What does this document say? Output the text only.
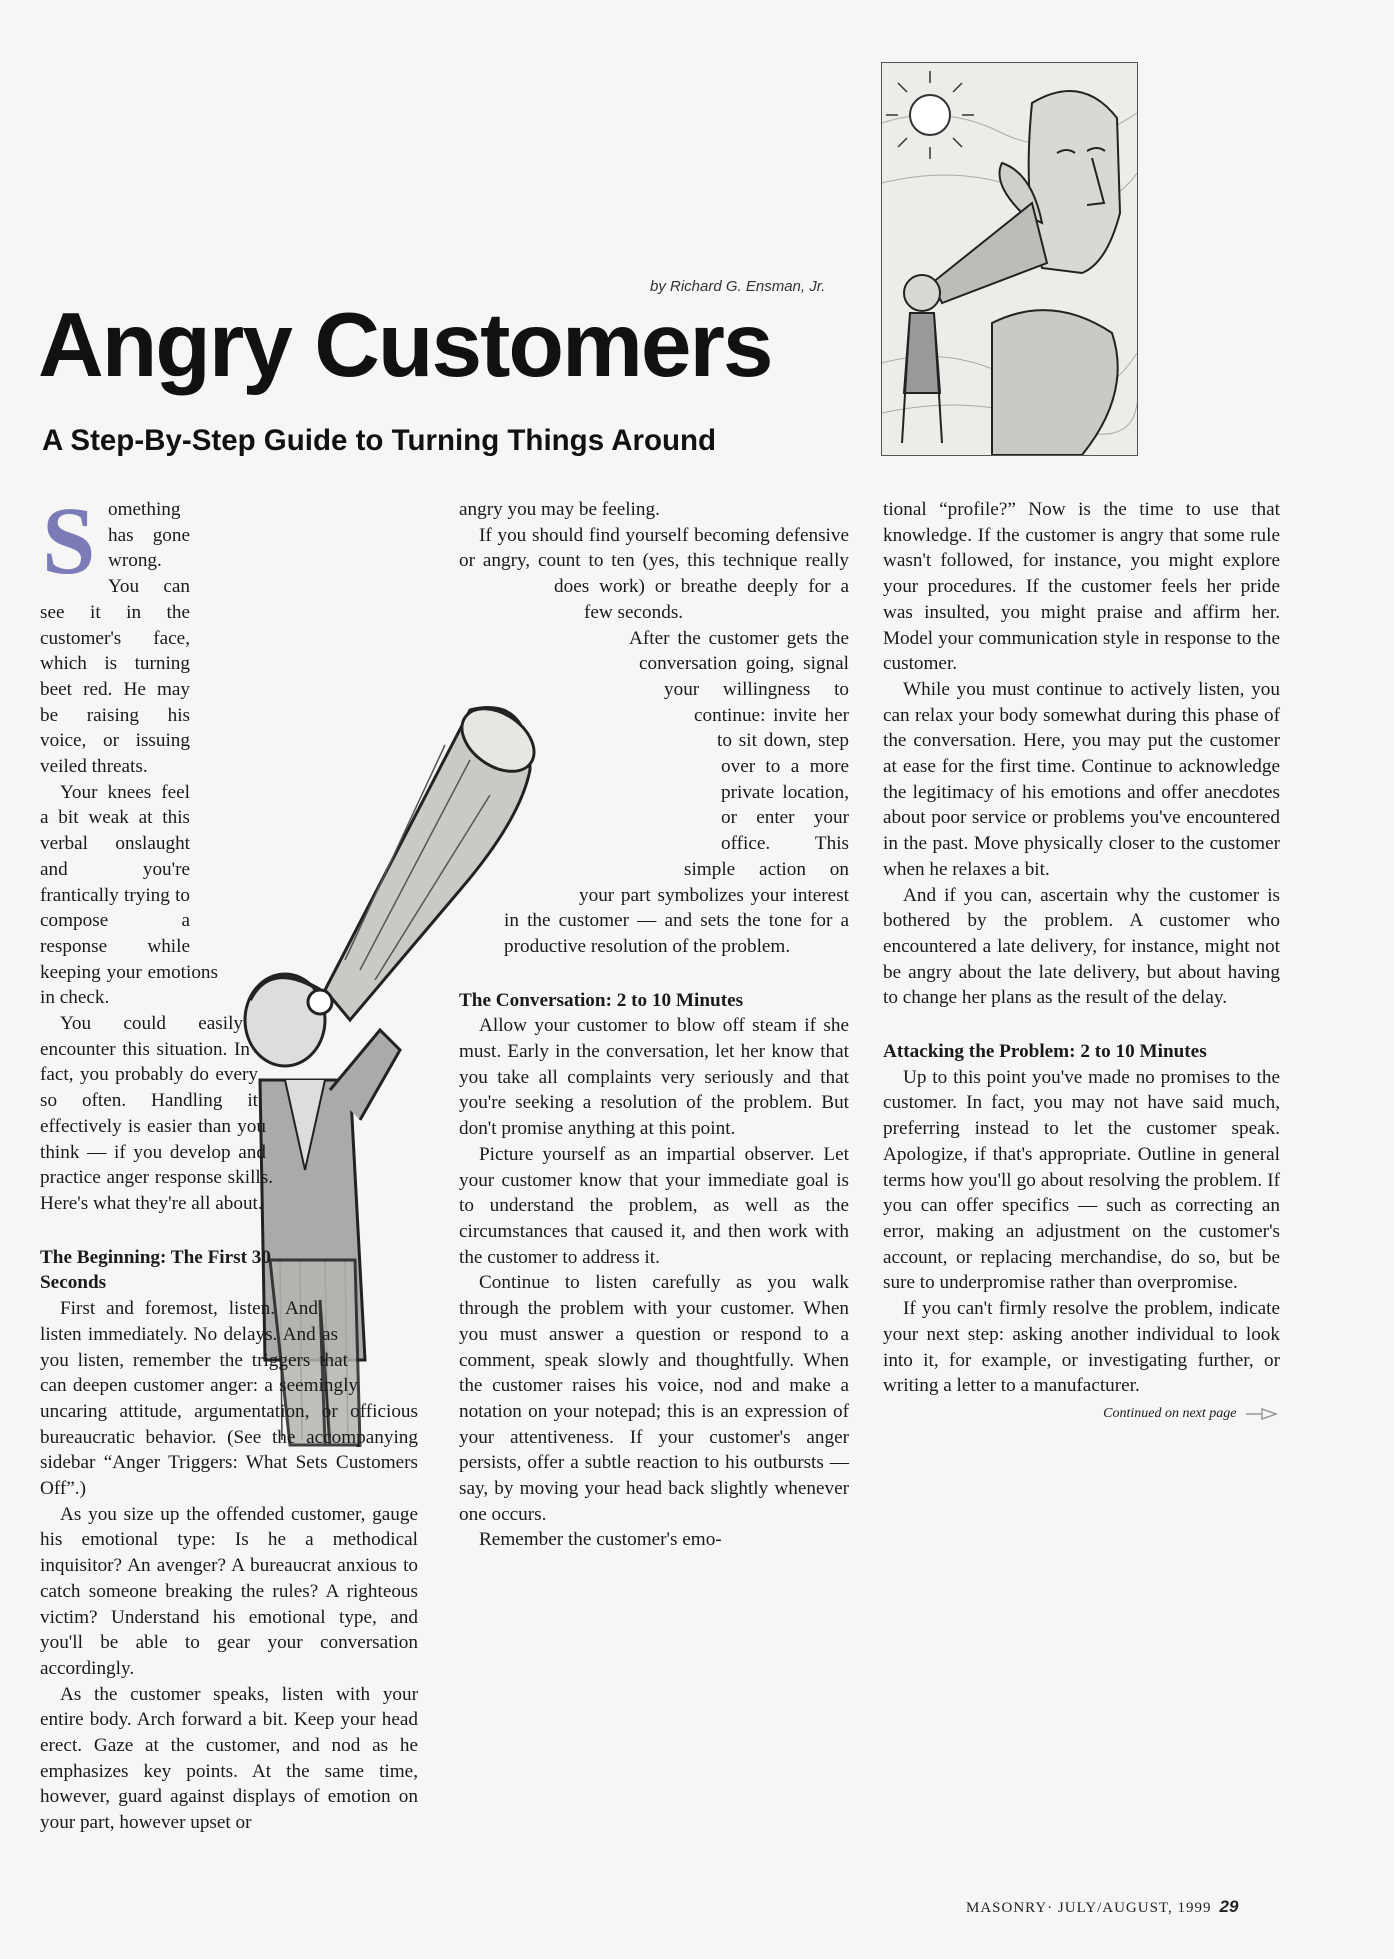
by Richard G. Ensman, Jr.
Angry Customers
A Step-By-Step Guide to Turning Things Around
S omething has gone wrong. You can see it in the customer's face, which is turning beet red. He may be raising his voice, or issuing veiled threats.

Your knees feel a bit weak at this verbal onslaught and you're frantically trying to compose a response while keeping your emotions in check.

You could easily encounter this situation. In fact, you probably do every so often. Handling it effectively is easier than you think — if you develop and practice anger response skills. Here's what they're all about.

The Beginning: The First 30 Seconds

First and foremost, listen. And listen immediately. No delays. And as you listen, remember the triggers that can deepen customer anger: a seemingly uncaring attitude, argumentation, or officious bureaucratic behavior. (See the accompanying sidebar “Anger Triggers: What Sets Customers Off”.)

As you size up the offended customer, gauge his emotional type: Is he a methodical inquisitor? An avenger? A bureaucrat anxious to catch someone breaking the rules? A righteous victim? Understand his emotional type, and you'll be able to gear your conversation accordingly.

As the customer speaks, listen with your entire body. Arch forward a bit. Keep your head erect. Gaze at the customer, and nod as he emphasizes key points. At the same time, however, guard against displays of emotion on your part, however upset or

angry you may be feeling.

If you should find yourself becoming defensive or angry, count to ten (yes, this technique really does work) or breathe deeply for a few seconds.

After the customer gets the conversation going, signal your willingness to continue: invite her to sit down, step over to a more private location, or enter your office. This simple action on your part symbolizes your interest in the customer — and sets the tone for a productive resolution of the problem.

The Conversation: 2 to 10 Minutes

Allow your customer to blow off steam if she must. Early in the conversation, let her know that you take all complaints very seriously and that you're seeking a resolution of the problem. But don't promise anything at this point.

Picture yourself as an impartial observer. Let your customer know that your immediate goal is to understand the problem, as well as the circumstances that caused it, and then work with the customer to address it.

Continue to listen carefully as you walk through the problem with your customer. When you must answer a question or respond to a comment, speak slowly and thoughtfully. When the customer raises his voice, nod and make a notation on your notepad; this is an expression of your attentiveness. If your customer's anger persists, offer a subtle reaction to his outbursts — say, by moving your head back slightly whenever one occurs.

Remember the customer's emo-

tional “profile?” Now is the time to use that knowledge. If the customer is angry that some rule wasn't followed, for instance, you might explore your procedures. If the customer feels her pride was insulted, you might praise and affirm her. Model your communication style in response to the customer.

While you must continue to actively listen, you can relax your body somewhat during this phase of the conversation. Here, you may put the customer at ease for the first time. Continue to acknowledge the legitimacy of his emotions and offer anecdotes about poor service or problems you've encountered in the past. Move physically closer to the customer when he relaxes a bit.

And if you can, ascertain why the customer is bothered by the problem. A customer who encountered a late delivery, for instance, might not be angry about the late delivery, but about having to change her plans as the result of the delay.

Attacking the Problem: 2 to 10 Minutes

Up to this point you've made no promises to the customer. In fact, you may not have said much, preferring instead to let the customer speak. Apologize, if that's appropriate. Outline in general terms how you'll go about resolving the problem. If you can offer specifics — such as correcting an error, making an adjustment on the customer's account, or replacing merchandise, do so, but be sure to underpromise rather than overpromise.

If you can't firmly resolve the problem, indicate your next step: asking another individual to look into it, for example, or investigating further, or writing a letter to a manufacturer.

Continued on next page
MASONRY· JULY/AUGUST, 1999 29
